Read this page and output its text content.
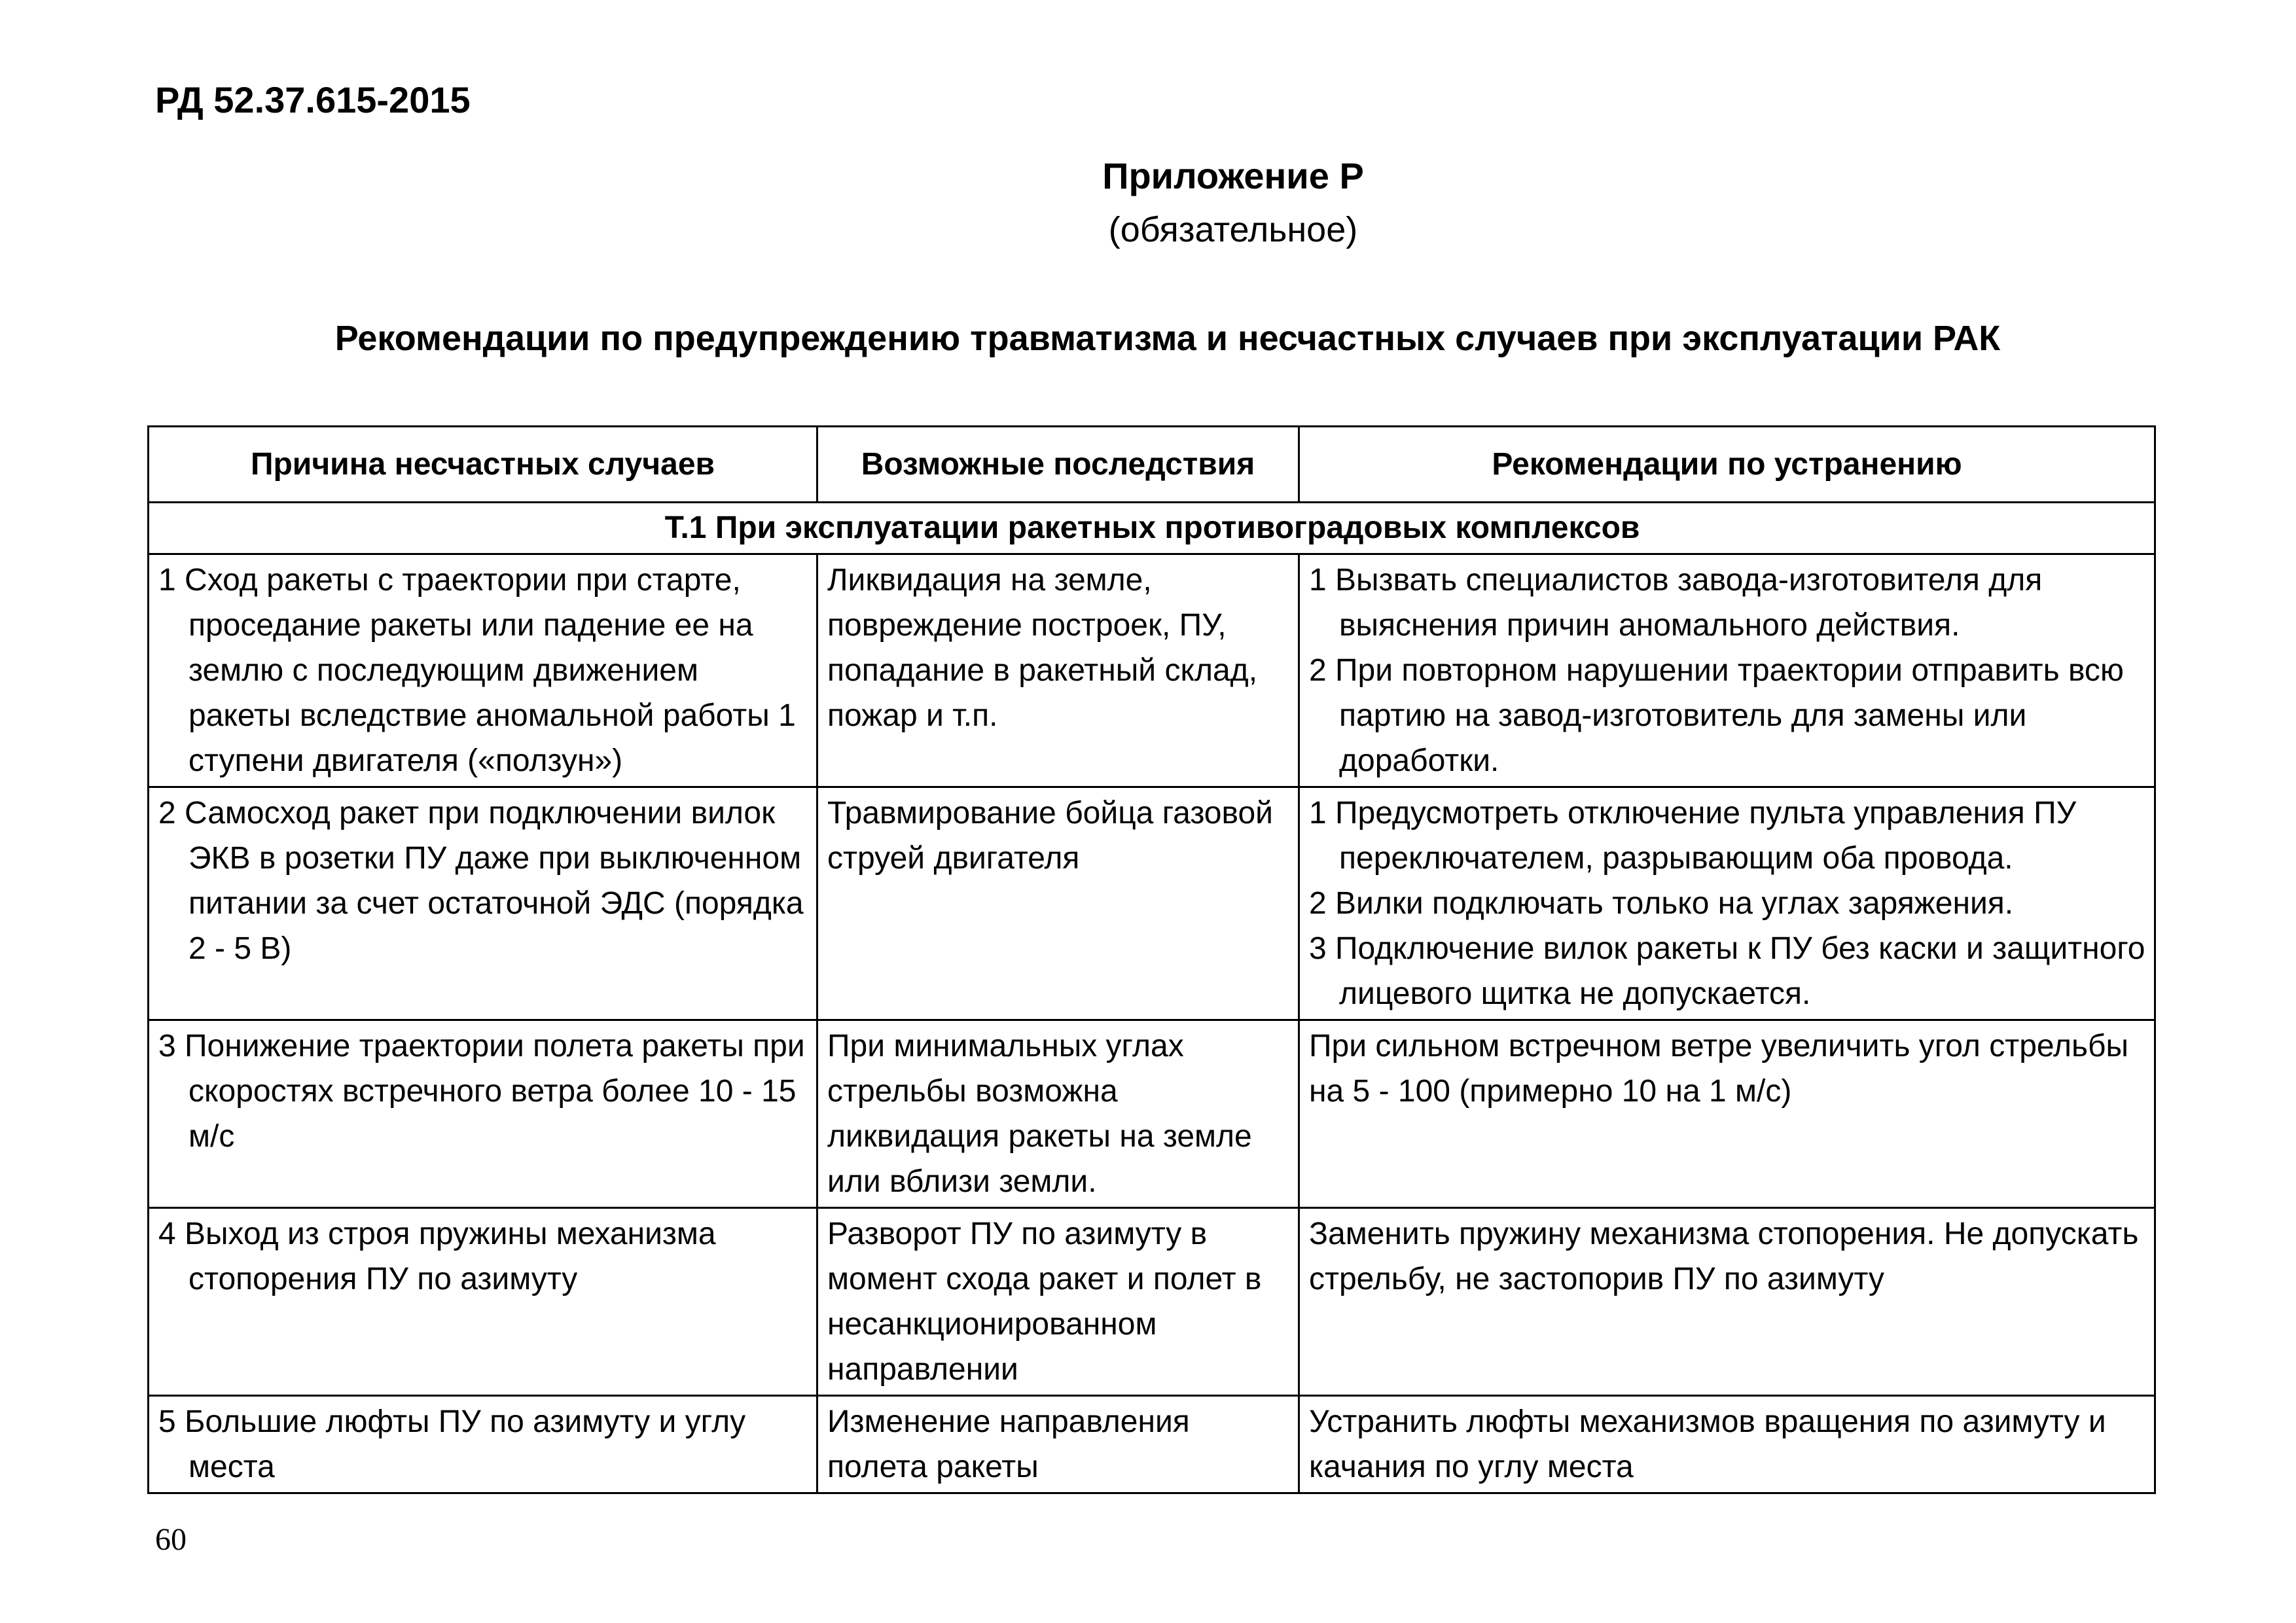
РД 52.37.615-2015
Приложение Р
(обязательное)
Рекомендации по предупреждению травматизма и несчастных случаев при эксплуатации РАК
Причина несчастных случаев	Возможные последствия	Рекомендации по устранению
Т.1 При эксплуатации ракетных противоградовых комплексов		

1 Сход ракеты с траектории при старте, проседание ракеты или падение ее на землю с последующим движением ракеты вследствие аномальной работы 1 ступени двигателя («ползун»)	Ликвидация на земле, повреждение построек, ПУ, попадание в ракетный склад, пожар и т.п.	1 Вызвать специалистов завода-изготовителя для выяснения причин аномального действия.
2 При повторном нарушении траектории отправить всю партию на завод-изготовитель для замены или доработки.

2 Самосход ракет при подключении вилок ЭКВ в розетки ПУ даже при выключенном питании за счет остаточной ЭДС (порядка 2 - 5 В)	Травмирование бойца газовой струей двигателя	1 Предусмотреть отключение пульта управления ПУ переключателем, разрывающим оба провода.
2 Вилки подключать только на углах заряжения.
3 Подключение вилок ракеты к ПУ без каски и защитного лицевого щитка не допускается.

3 Понижение траектории полета ракеты при скоростях встречного ветра более 10 - 15 м/с	При минимальных углах стрельбы возможна ликвидация ракеты на земле или вблизи земли.	При сильном встречном ветре увеличить угол стрельбы на 5 - 100 (примерно 10 на 1 м/с)

4 Выход из строя пружины механизма стопорения ПУ по азимуту	Разворот ПУ по азимуту в момент схода ракет и полет в несанкционированном направлении	Заменить пружину механизма стопорения. Не допускать стрельбу, не застопорив ПУ по азимуту

5 Большие люфты ПУ по азимуту и углу места	Изменение направления полета ракеты	Устранить люфты механизмов вращения по азимуту и качания по углу места
60
